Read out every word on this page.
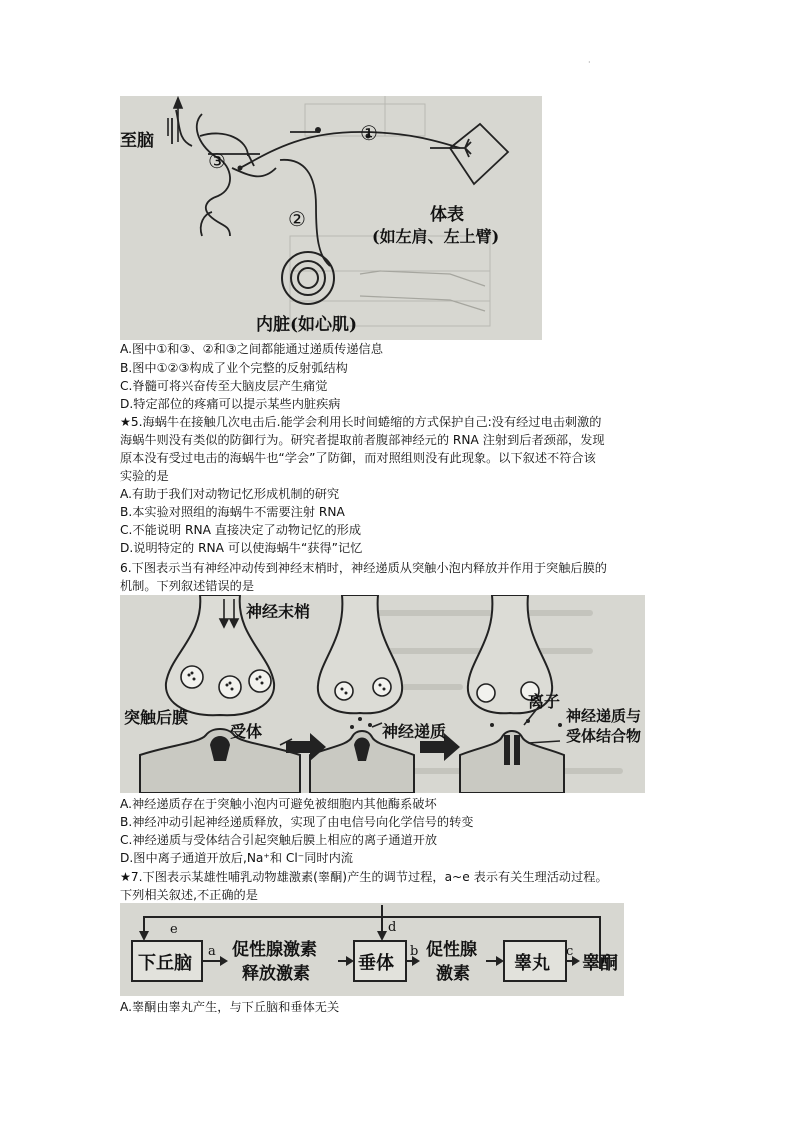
·
至脑	①
②
③
体表
(如左肩、左上臂)
内脏(如心肌)
A.图中①和③、②和③之间都能通过递质传递信息
B.图中①②③构成了业个完整的反射弧结构
C.脊髓可将兴奋传至大脑皮层产生痛觉
D.特定部位的疼痛可以提示某些内脏疾病
★5.海蜗牛在接触几次电击后.能学会利用长时间蜷缩的方式保护自己:没有经过电击刺激的
海蜗牛则没有类似的防御行为。研究者提取前者腹部神经元的 RNA 注射到后者颈部，发现
原本没有受过电击的海蜗牛也“学会”了防御，而对照组则没有此现象。以下叙述不符合该
实验的是
A.有助于我们对动物记忆形成机制的研究
B.本实验对照组的海蜗牛不需要注射 RNA
C.不能说明 RNA 直接决定了动物记忆的形成
D.说明特定的 RNA 可以使海蜗牛“获得”记忆
6.下图表示当有神经冲动传到神经末梢时，神经递质从突触小泡内释放并作用于突触后膜的
机制。下列叙述错误的是
神经末梢
突触后膜
受体	神经递质
离子
神经递质与
受体结合物
A.神经递质存在于突触小泡内可避免被细胞内其他酶系破坏
B.神经冲动引起神经递质释放，实现了由电信号向化学信号的转变
C.神经递质与受体结合引起突触后膜上相应的离子通道开放
D.图中离子通道开放后,Na⁺和 Cl⁻同时内流
★7.下图表示某雄性哺乳动物雄激素(睾酮)产生的调节过程，a~e 表示有关生理活动过程。
下列相关叙述,不正确的是
e	d
下丘脑
a 促性腺激素
释放激素	垂体
b 促性腺
激素 睾丸
c
睾酮
A.睾酮由睾丸产生，与下丘脑和垂体无关
